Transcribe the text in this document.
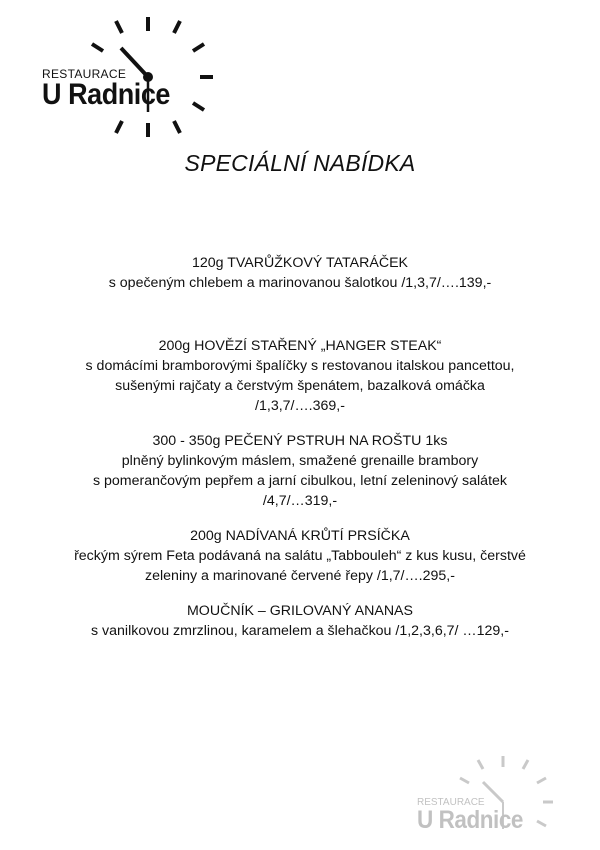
RESTAURACE
U Radnice
SPECIÁLNÍ NABÍDKA
120g TVARŮŽKOVÝ TATARÁČEK
s opečeným chlebem a marinovanou šalotkou /1,3,7/….139,-
200g HOVĚZÍ STAŘENÝ „HANGER STEAK“
s domácími bramborovými špalíčky s restovanou italskou pancettou,
sušenými rajčaty a čerstvým špenátem, bazalková omáčka
/1,3,7/….369,-
300 - 350g PEČENÝ PSTRUH NA ROŠTU 1ks
plněný bylinkovým máslem, smažené grenaille brambory
s pomerančovým pepřem a jarní cibulkou, letní zeleninový salátek
/4,7/…319,-
200g NADÍVANÁ KRŮTÍ PRSÍČKA
řeckým sýrem Feta podávaná na salátu „Tabbouleh“ z kus kusu, čerstvé
zeleniny a marinované červené řepy /1,7/….295,-
MOUČNÍK – GRILOVANÝ ANANAS
s vanilkovou zmrzlinou, karamelem a šlehačkou /1,2,3,6,7/ …129,-
RESTAURACE
U Radnice
